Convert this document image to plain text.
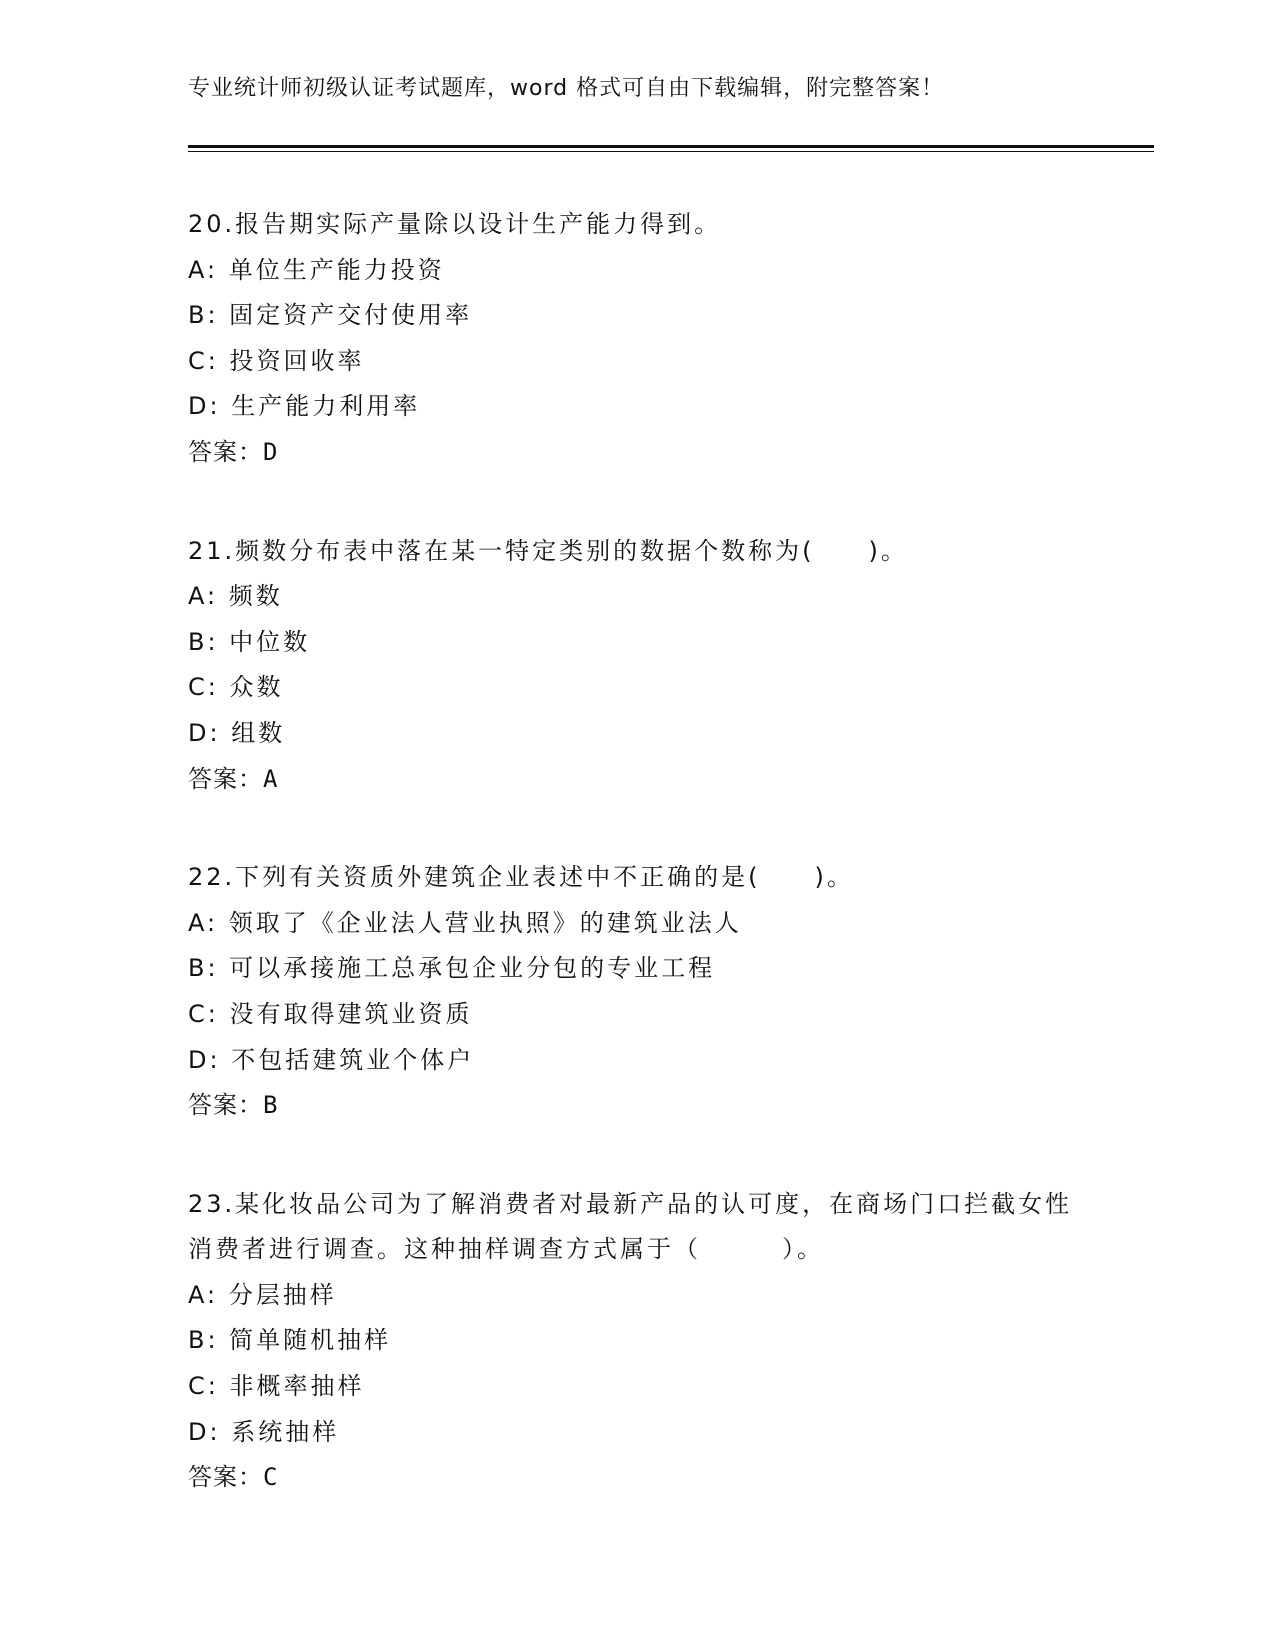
专业统计师初级认证考试题库，word 格式可自由下载编辑，附完整答案！
20.报告期实际产量除以设计生产能力得到。
A: 单位生产能力投资
B: 固定资产交付使用率
C: 投资回收率
D: 生产能力利用率
答案：D
21.频数分布表中落在某一特定类别的数据个数称为(　　)。
A: 频数
B: 中位数
C: 众数
D: 组数
答案：A
22.下列有关资质外建筑企业表述中不正确的是(　　)。
A: 领取了《企业法人营业执照》的建筑业法人
B: 可以承接施工总承包企业分包的专业工程
C: 没有取得建筑业资质
D: 不包括建筑业个体户
答案：B
23.某化妆品公司为了解消费者对最新产品的认可度，在商场门口拦截女性消费者进行调查。这种抽样调查方式属于（　　　）。
A: 分层抽样
B: 简单随机抽样
C: 非概率抽样
D: 系统抽样
答案：C
